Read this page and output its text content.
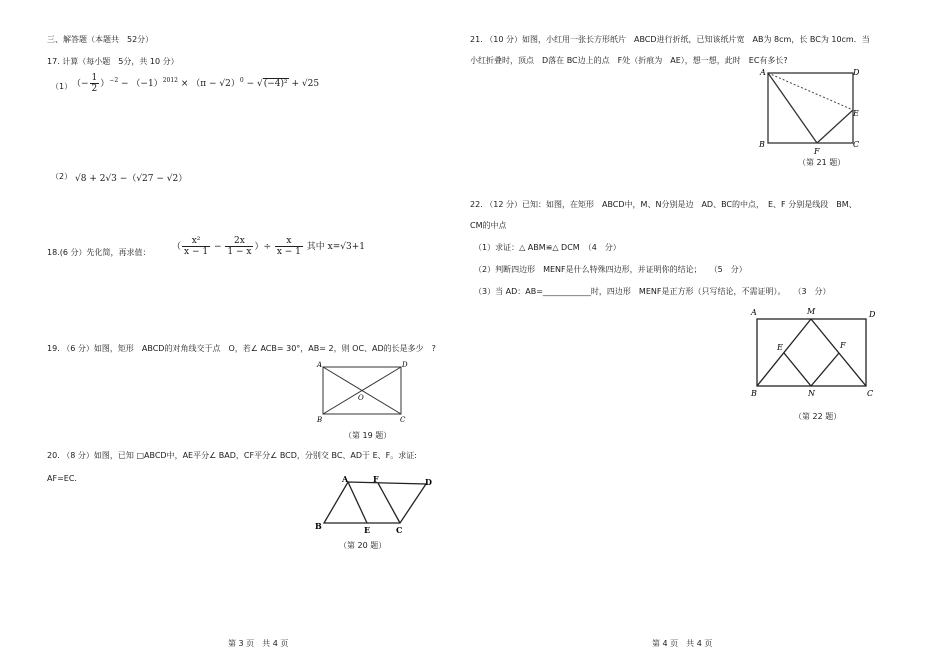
三、解答题（本题共　52分）
17. 计算（每小题　5分，共 10 分）
（1） （− $\frac{1}{2} )^{-2} - (-1)^{2012} \times (\pi - √2)^0 - √(-4)^2 + √25$
（2） √8 + 2√3 −（√27 − √2）
18.(6 分）先化简，再求值：
（ $\frac{\text{x²}}{x - 1} - \frac{2x}{1 - x}$ ）÷ $\frac{x}{x - 1}$ 其中 x=√3+1
19. （6 分）如图，矩形　ABCD的对角线交于点　O，若∠ ACB= 30°，AB= 2，则 OC、AD的长是多少　?
A	D
B	C
O
（第 19 题）
20. （8 分）如图，已知 □ABCD中，AE平分∠ BAD，CF平分∠ BCD，分别交 BC、AD于 E、F。求证:
AF=EC.	A	F	D
B	E	C
（第 20 题）
第 3 页　共 4 页
21. （10 分）如图，小红用一张长方形纸片　ABCD进行折纸，已知该纸片宽　AB为 8cm，长 BC为 10cm．当
小红折叠时，顶点　D落在 BC边上的点　F处（折痕为　AE），想一想，此时　EC有多长?
A	D
E
B
F
C
（第 21 题）
22. （12 分）已知：如图，在矩形　ABCD中，M、N分别是边　AD、BC的中点，　E、F 分别是线段　BM、
CM的中点
（1）求证：△ ABM≌△ DCM　（4　分）
（2）判断四边形　MENF是什么特殊四边形，并证明你的结论；　　（5　分）
（3）当 AD：AB=____________时，四边形　MENF是正方形（只写结论，不需证明）。　　（3　分）
A	M	D
E	F
B	N	C
（第 22 题）
第 4 页　共 4 页
